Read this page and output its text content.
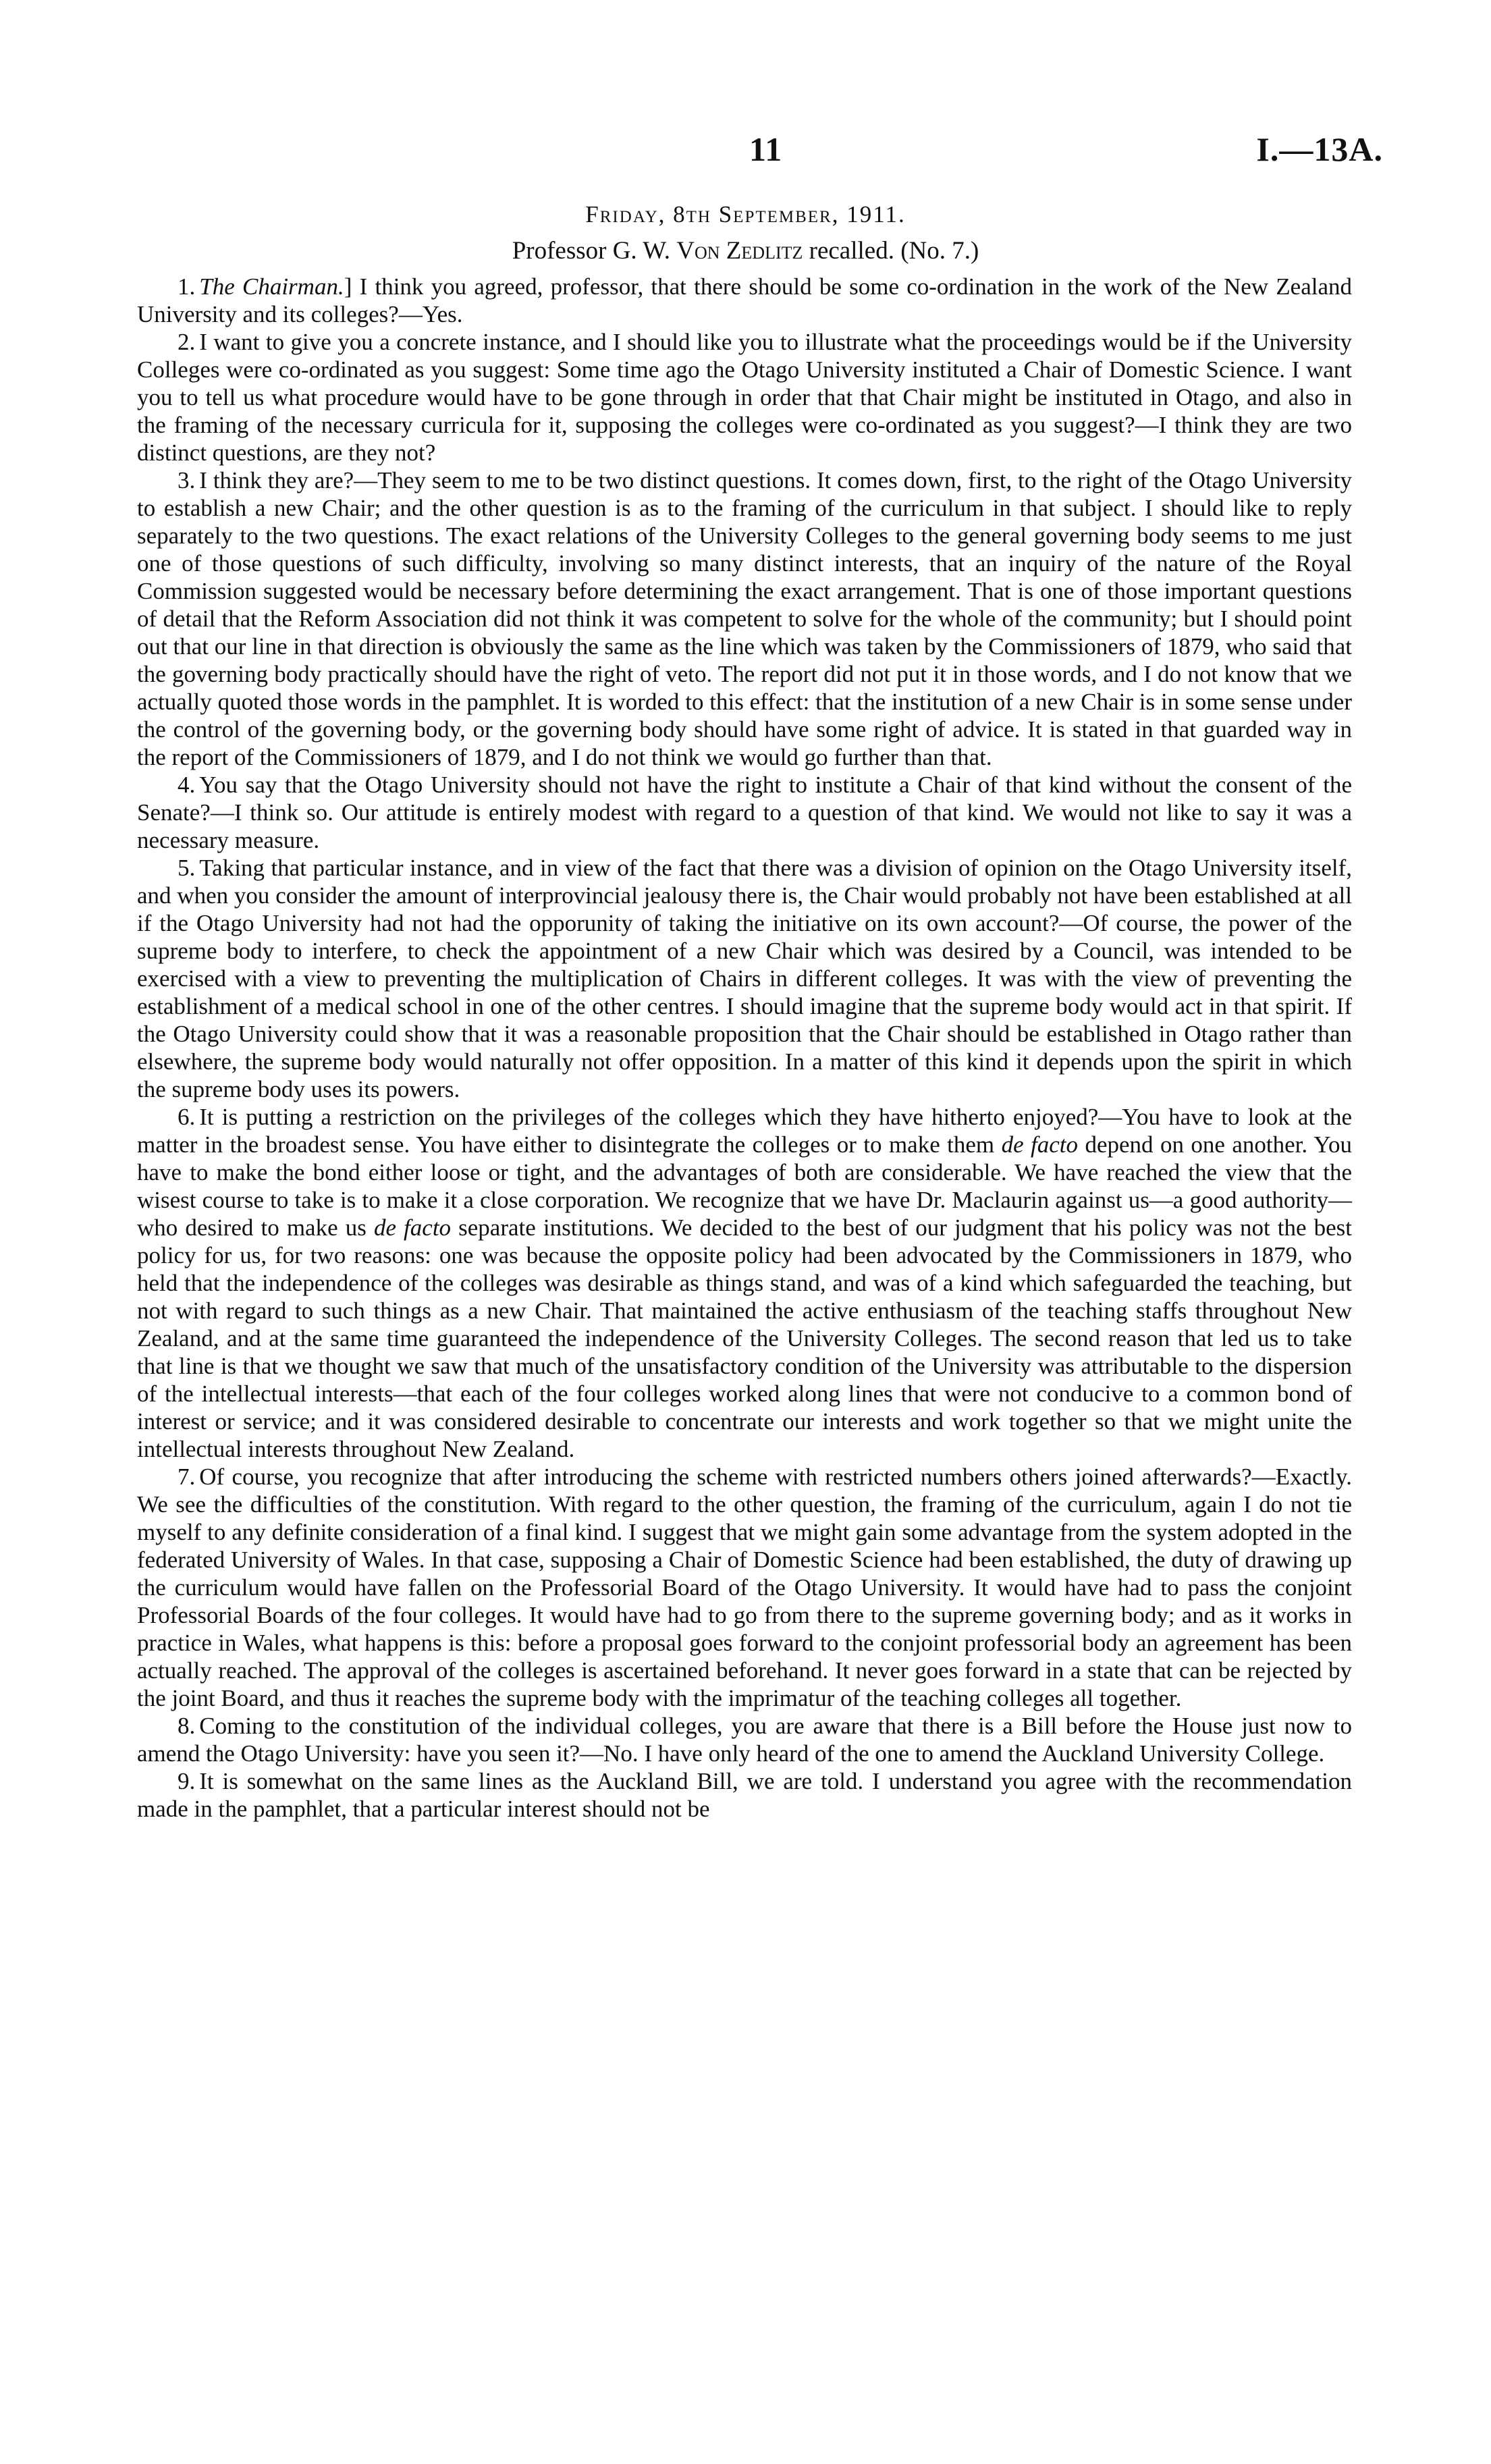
11	I.—13A.
Friday, 8th September, 1911.
Professor G. W. Von Zedlitz recalled. (No. 7.)

1. The Chairman.] I think you agreed, professor, that there should be some co-ordination in the work of the New Zealand University and its colleges?—Yes.

2. I want to give you a concrete instance, and I should like you to illustrate what the proceedings would be if the University Colleges were co-ordinated as you suggest: Some time ago the Otago University instituted a Chair of Domestic Science. I want you to tell us what procedure would have to be gone through in order that that Chair might be instituted in Otago, and also in the framing of the necessary curricula for it, supposing the colleges were co-ordinated as you suggest?—I think they are two distinct questions, are they not?

3. I think they are?—They seem to me to be two distinct questions. It comes down, first, to the right of the Otago University to establish a new Chair; and the other question is as to the framing of the curriculum in that subject. I should like to reply separately to the two questions. The exact relations of the University Colleges to the general governing body seems to me just one of those questions of such difficulty, involving so many distinct interests, that an inquiry of the nature of the Royal Commission suggested would be necessary before determining the exact arrangement. That is one of those important questions of detail that the Reform Association did not think it was competent to solve for the whole of the community; but I should point out that our line in that direction is obviously the same as the line which was taken by the Commissioners of 1879, who said that the governing body practically should have the right of veto. The report did not put it in those words, and I do not know that we actually quoted those words in the pamphlet. It is worded to this effect: that the institution of a new Chair is in some sense under the control of the governing body, or the governing body should have some right of advice. It is stated in that guarded way in the report of the Commissioners of 1879, and I do not think we would go further than that.

4. You say that the Otago University should not have the right to institute a Chair of that kind without the consent of the Senate?—I think so. Our attitude is entirely modest with regard to a question of that kind. We would not like to say it was a necessary measure.

5. Taking that particular instance, and in view of the fact that there was a division of opinion on the Otago University itself, and when you consider the amount of interprovincial jealousy there is, the Chair would probably not have been established at all if the Otago University had not had the opporunity of taking the initiative on its own account?—Of course, the power of the supreme body to interfere, to check the appointment of a new Chair which was desired by a Council, was intended to be exercised with a view to preventing the multiplication of Chairs in different colleges. It was with the view of preventing the establishment of a medical school in one of the other centres. I should imagine that the supreme body would act in that spirit. If the Otago University could show that it was a reasonable proposition that the Chair should be established in Otago rather than elsewhere, the supreme body would naturally not offer opposition. In a matter of this kind it depends upon the spirit in which the supreme body uses its powers.

6. It is putting a restriction on the privileges of the colleges which they have hitherto enjoyed?—You have to look at the matter in the broadest sense. You have either to disintegrate the colleges or to make them de facto depend on one another. You have to make the bond either loose or tight, and the advantages of both are considerable. We have reached the view that the wisest course to take is to make it a close corporation. We recognize that we have Dr. Maclaurin against us—a good authority—who desired to make us de facto separate institutions. We decided to the best of our judgment that his policy was not the best policy for us, for two reasons: one was because the opposite policy had been advocated by the Commissioners in 1879, who held that the independence of the colleges was desirable as things stand, and was of a kind which safeguarded the teaching, but not with regard to such things as a new Chair. That maintained the active enthusiasm of the teaching staffs throughout New Zealand, and at the same time guaranteed the independence of the University Colleges. The second reason that led us to take that line is that we thought we saw that much of the unsatisfactory condition of the University was attributable to the dispersion of the intellectual interests—that each of the four colleges worked along lines that were not conducive to a common bond of interest or service; and it was considered desirable to concentrate our interests and work together so that we might unite the intellectual interests throughout New Zealand.

7. Of course, you recognize that after introducing the scheme with restricted numbers others joined afterwards?—Exactly. We see the difficulties of the constitution. With regard to the other question, the framing of the curriculum, again I do not tie myself to any definite consideration of a final kind. I suggest that we might gain some advantage from the system adopted in the federated University of Wales. In that case, supposing a Chair of Domestic Science had been established, the duty of drawing up the curriculum would have fallen on the Professorial Board of the Otago University. It would have had to pass the conjoint Professorial Boards of the four colleges. It would have had to go from there to the supreme governing body; and as it works in practice in Wales, what happens is this: before a proposal goes forward to the conjoint professorial body an agreement has been actually reached. The approval of the colleges is ascertained beforehand. It never goes forward in a state that can be rejected by the joint Board, and thus it reaches the supreme body with the imprimatur of the teaching colleges all together.

8. Coming to the constitution of the individual colleges, you are aware that there is a Bill before the House just now to amend the Otago University: have you seen it?—No. I have only heard of the one to amend the Auckland University College.

9. It is somewhat on the same lines as the Auckland Bill, we are told. I understand you agree with the recommendation made in the pamphlet, that a particular interest should not be
